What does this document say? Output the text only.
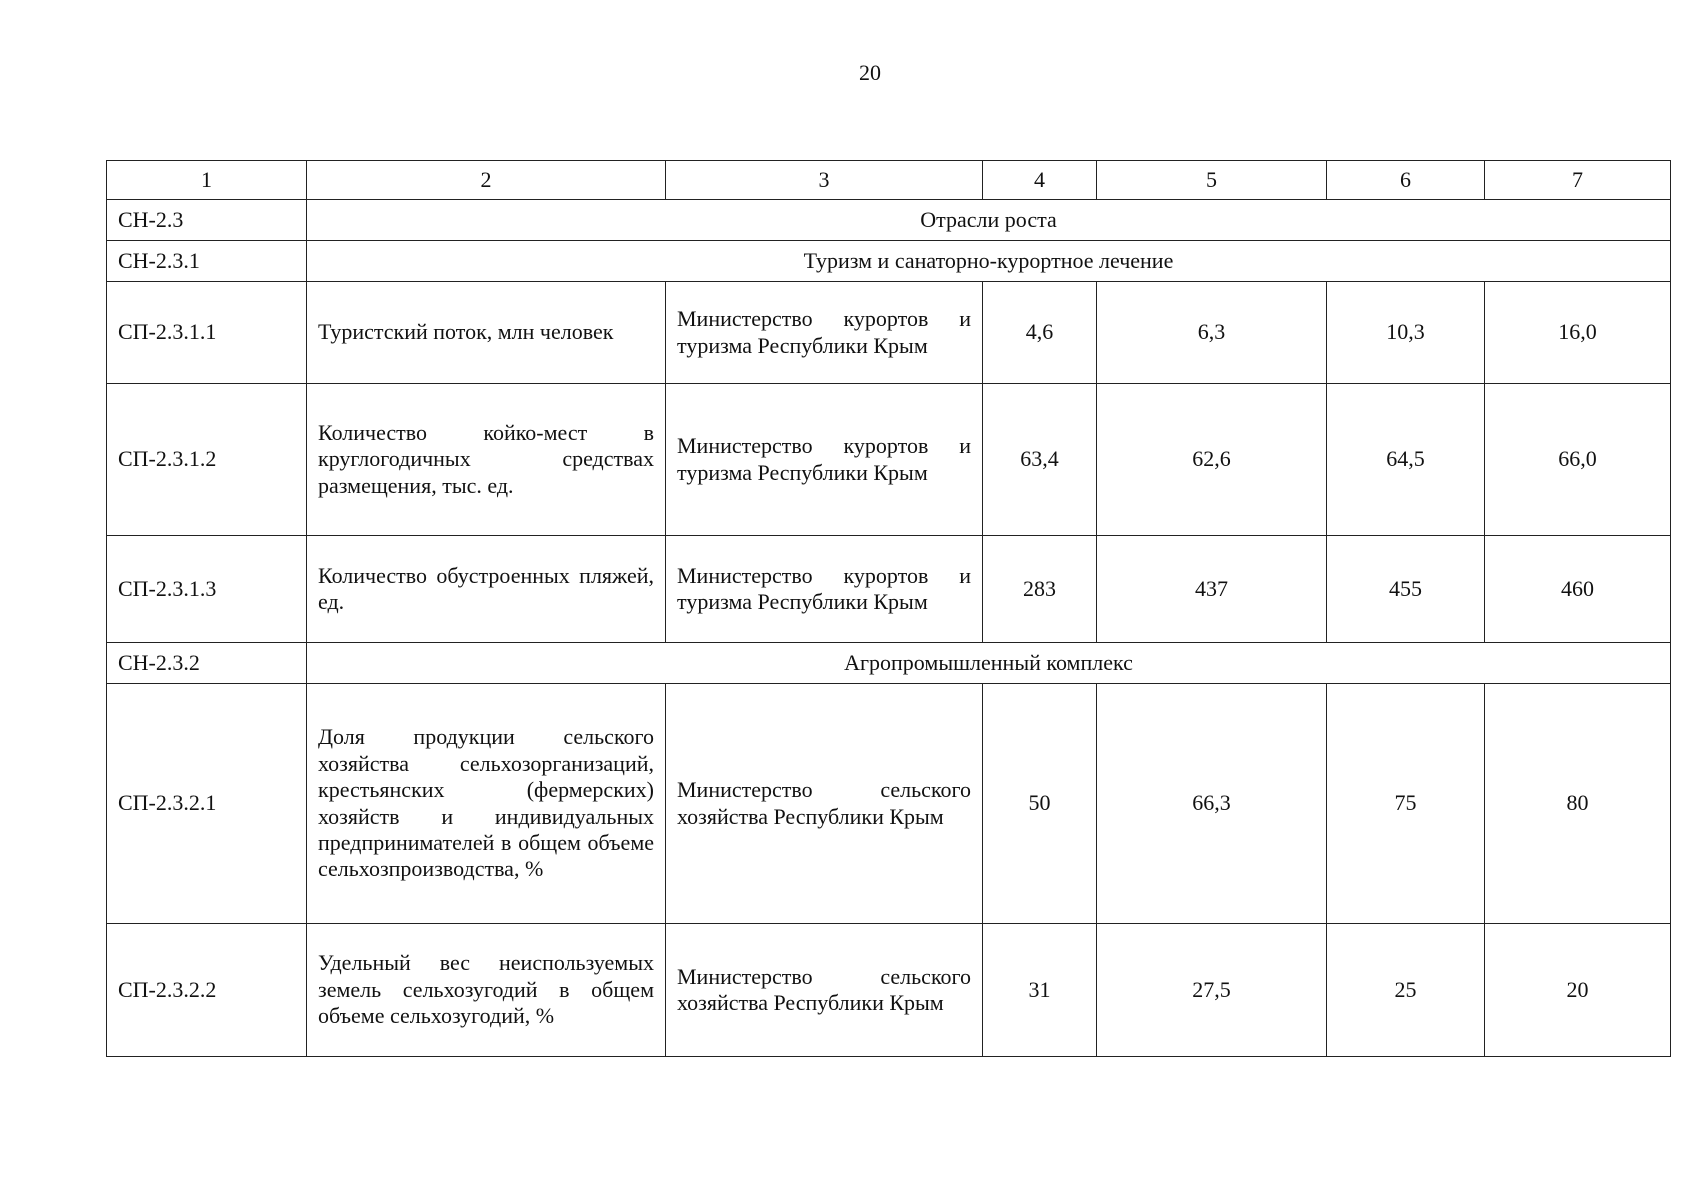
20
1	2	3	4	5	6	7
СН-2.3	Отрасли роста					
СН-2.3.1	Туризм и санаторно-курортное лечение					
СП-2.3.1.1	Туристский поток, млн человек	Министерство курортов и туризма Республики Крым	4,6	6,3	10,3	16,0
СП-2.3.1.2	Количество койко-мест в круглогодичных средствах размещения, тыс. ед.	Министерство курортов и туризма Республики Крым	63,4	62,6	64,5	66,0
СП-2.3.1.3	Количество обустроенных пляжей, ед.	Министерство курортов и туризма Республики Крым	283	437	455	460
СН-2.3.2	Агропромышленный комплекс					
СП-2.3.2.1	Доля продукции сельского хозяйства сельхозорганизаций, крестьянских (фермерских) хозяйств и индивидуальных предпринимателей в общем объеме сельхозпроизводства, %	Министерство сельского хозяйства Республики Крым	50	66,3	75	80
СП-2.3.2.2	Удельный вес неиспользуемых земель сельхозугодий в общем объеме сельхозугодий, %	Министерство сельского хозяйства Республики Крым	31	27,5	25	20
